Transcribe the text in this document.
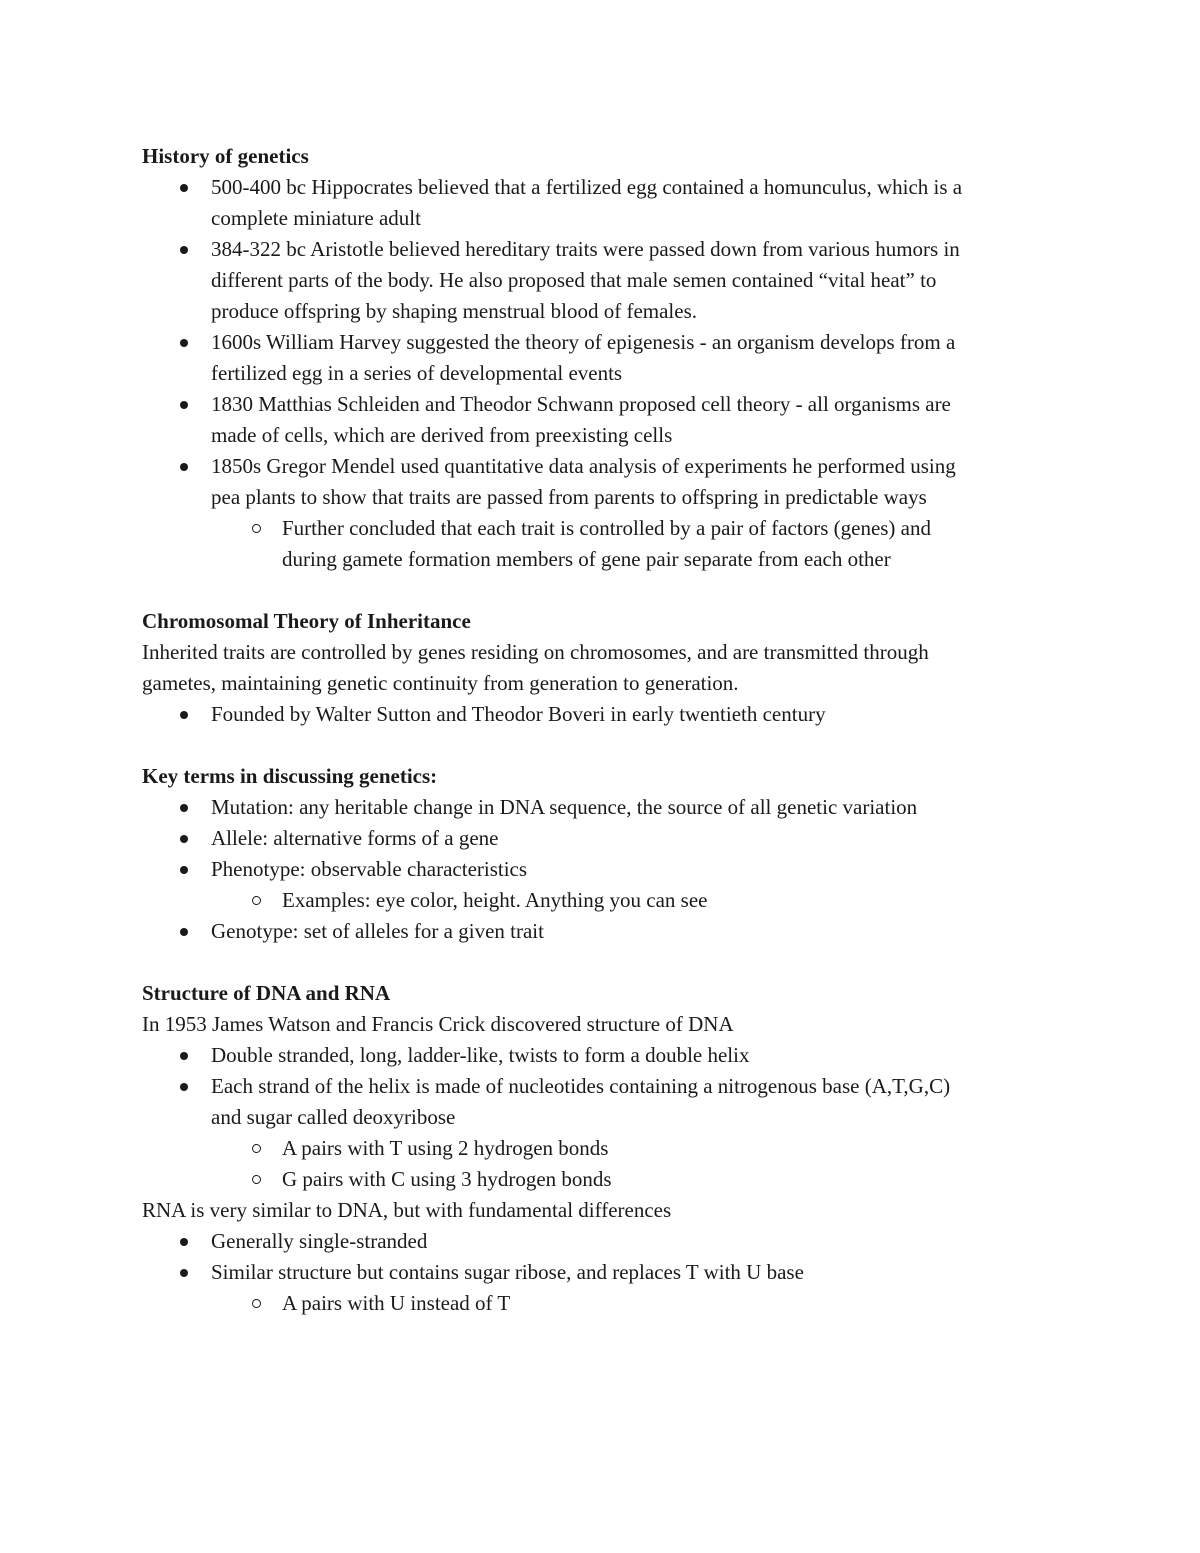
History of genetics
500-400 bc Hippocrates believed that a fertilized egg contained a homunculus, which is a
complete miniature adult
384-322 bc Aristotle believed hereditary traits were passed down from various humors in
different parts of the body. He also proposed that male semen contained “vital heat” to
produce offspring by shaping menstrual blood of females.
1600s William Harvey suggested the theory of epigenesis - an organism develops from a
fertilized egg in a series of developmental events
1830 Matthias Schleiden and Theodor Schwann proposed cell theory - all organisms are
made of cells, which are derived from preexisting cells
1850s Gregor Mendel used quantitative data analysis of experiments he performed using
pea plants to show that traits are passed from parents to offspring in predictable ways
Further concluded that each trait is controlled by a pair of factors (genes) and
during gamete formation members of gene pair separate from each other
Chromosomal Theory of Inheritance
Inherited traits are controlled by genes residing on chromosomes, and are transmitted through
gametes, maintaining genetic continuity from generation to generation.
Founded by Walter Sutton and Theodor Boveri in early twentieth century
Key terms in discussing genetics:
Mutation: any heritable change in DNA sequence, the source of all genetic variation
Allele: alternative forms of a gene
Phenotype: observable characteristics
Examples: eye color, height. Anything you can see
Genotype: set of alleles for a given trait
Structure of DNA and RNA
In 1953 James Watson and Francis Crick discovered structure of DNA
Double stranded, long, ladder-like, twists to form a double helix
Each strand of the helix is made of nucleotides containing a nitrogenous base (A,T,G,C)
and sugar called deoxyribose
A pairs with T using 2 hydrogen bonds
G pairs with C using 3 hydrogen bonds
RNA is very similar to DNA, but with fundamental differences
Generally single-stranded
Similar structure but contains sugar ribose, and replaces T with U base
A pairs with U instead of T
